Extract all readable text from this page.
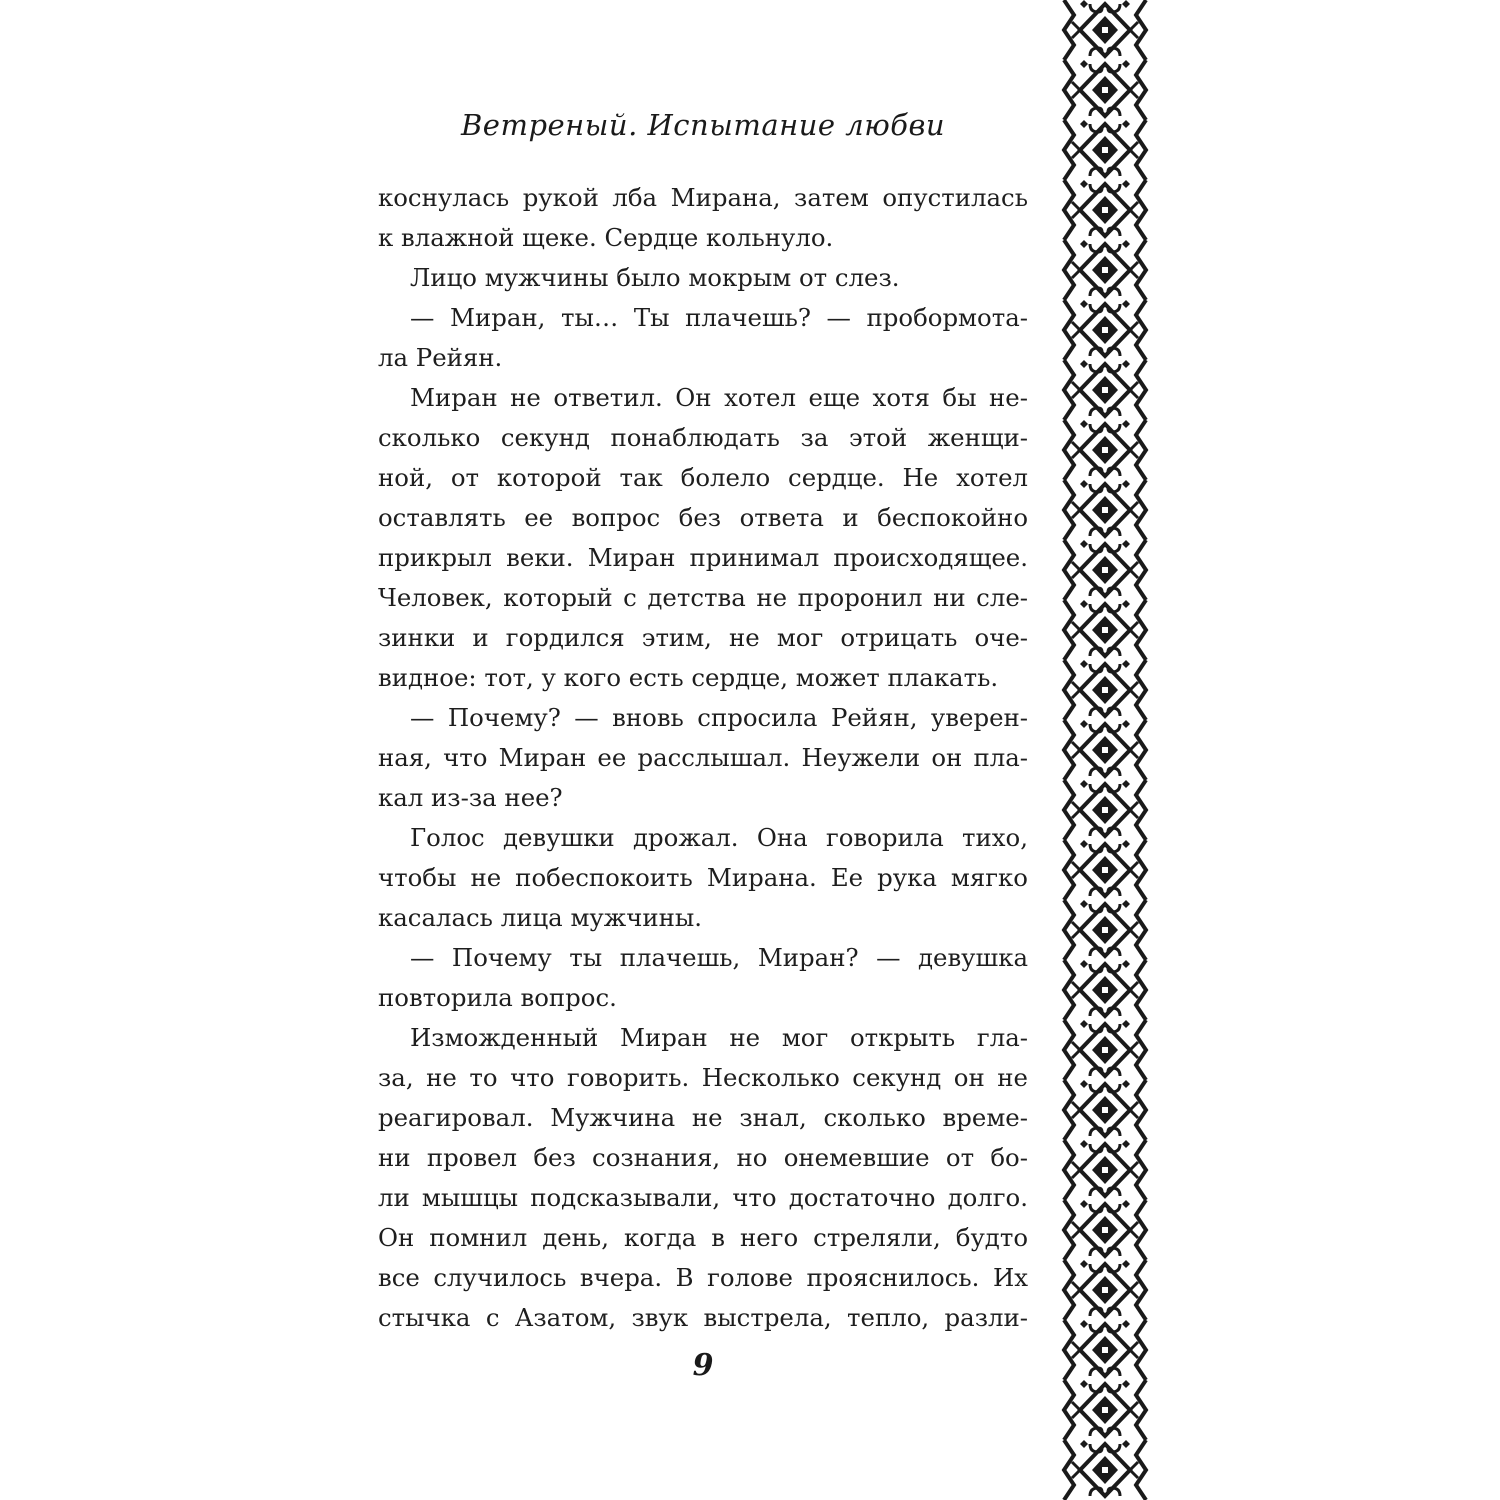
Ветреный. Испытание любви
коснулась рукой лба Мирана, затем опустилась
к влажной щеке. Сердце кольнуло.
Лицо мужчины было мокрым от слез.
— Миран, ты… Ты плачешь? — пробормота-
ла Рейян.
Миран не ответил. Он хотел еще хотя бы не-
сколько секунд понаблюдать за этой женщи-
ной, от которой так болело сердце. Не хотел
оставлять ее вопрос без ответа и беспокойно
прикрыл веки. Миран принимал происходящее.
Человек, который с детства не проронил ни сле-
зинки и гордился этим, не мог отрицать оче-
видное: тот, у кого есть сердце, может плакать.
— Почему? — вновь спросила Рейян, уверен-
ная, что Миран ее расслышал. Неужели он пла-
кал из-за нее?
Голос девушки дрожал. Она говорила тихо,
чтобы не побеспокоить Мирана. Ее рука мягко
касалась лица мужчины.
— Почему ты плачешь, Миран? — девушка
повторила вопрос.
Изможденный Миран не мог открыть гла-
за, не то что говорить. Несколько секунд он не
реагировал. Мужчина не знал, сколько време-
ни провел без сознания, но онемевшие от бо-
ли мышцы подсказывали, что достаточно долго.
Он помнил день, когда в него стреляли, будто
все случилось вчера. В голове прояснилось. Их
стычка с Азатом, звук выстрела, тепло, разли-
9
